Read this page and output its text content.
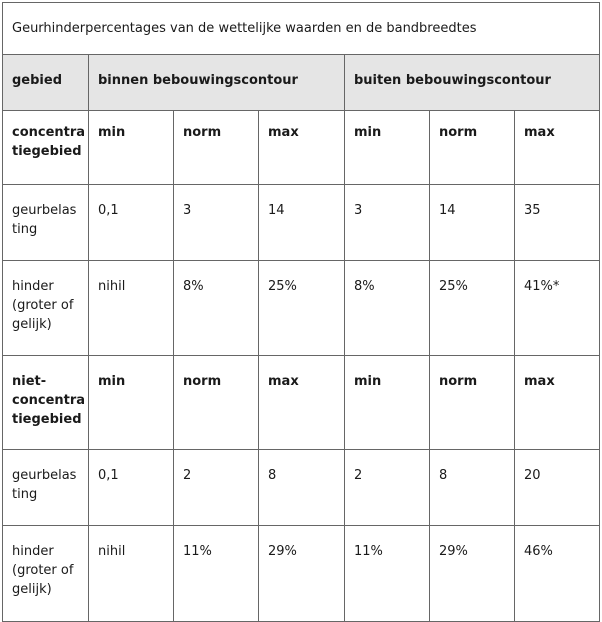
Geurhinderpercentages van de wettelijke waarden en de bandbreedtes						
gebied	binnen bebouwingscontour			buiten bebouwingscontour		
concentra tiegebied	min	norm	max	min	norm	max
geurbelas ting	0,1	3	14	3	14	35
hinder (groter of gelijk)	nihil	8%	25%	8%	25%	41%*
niet-concentra tiegebied	min	norm	max	min	norm	max
geurbelas ting	0,1	2	8	2	8	20
hinder (groter of gelijk)	nihil	11%	29%	11%	29%	46%
